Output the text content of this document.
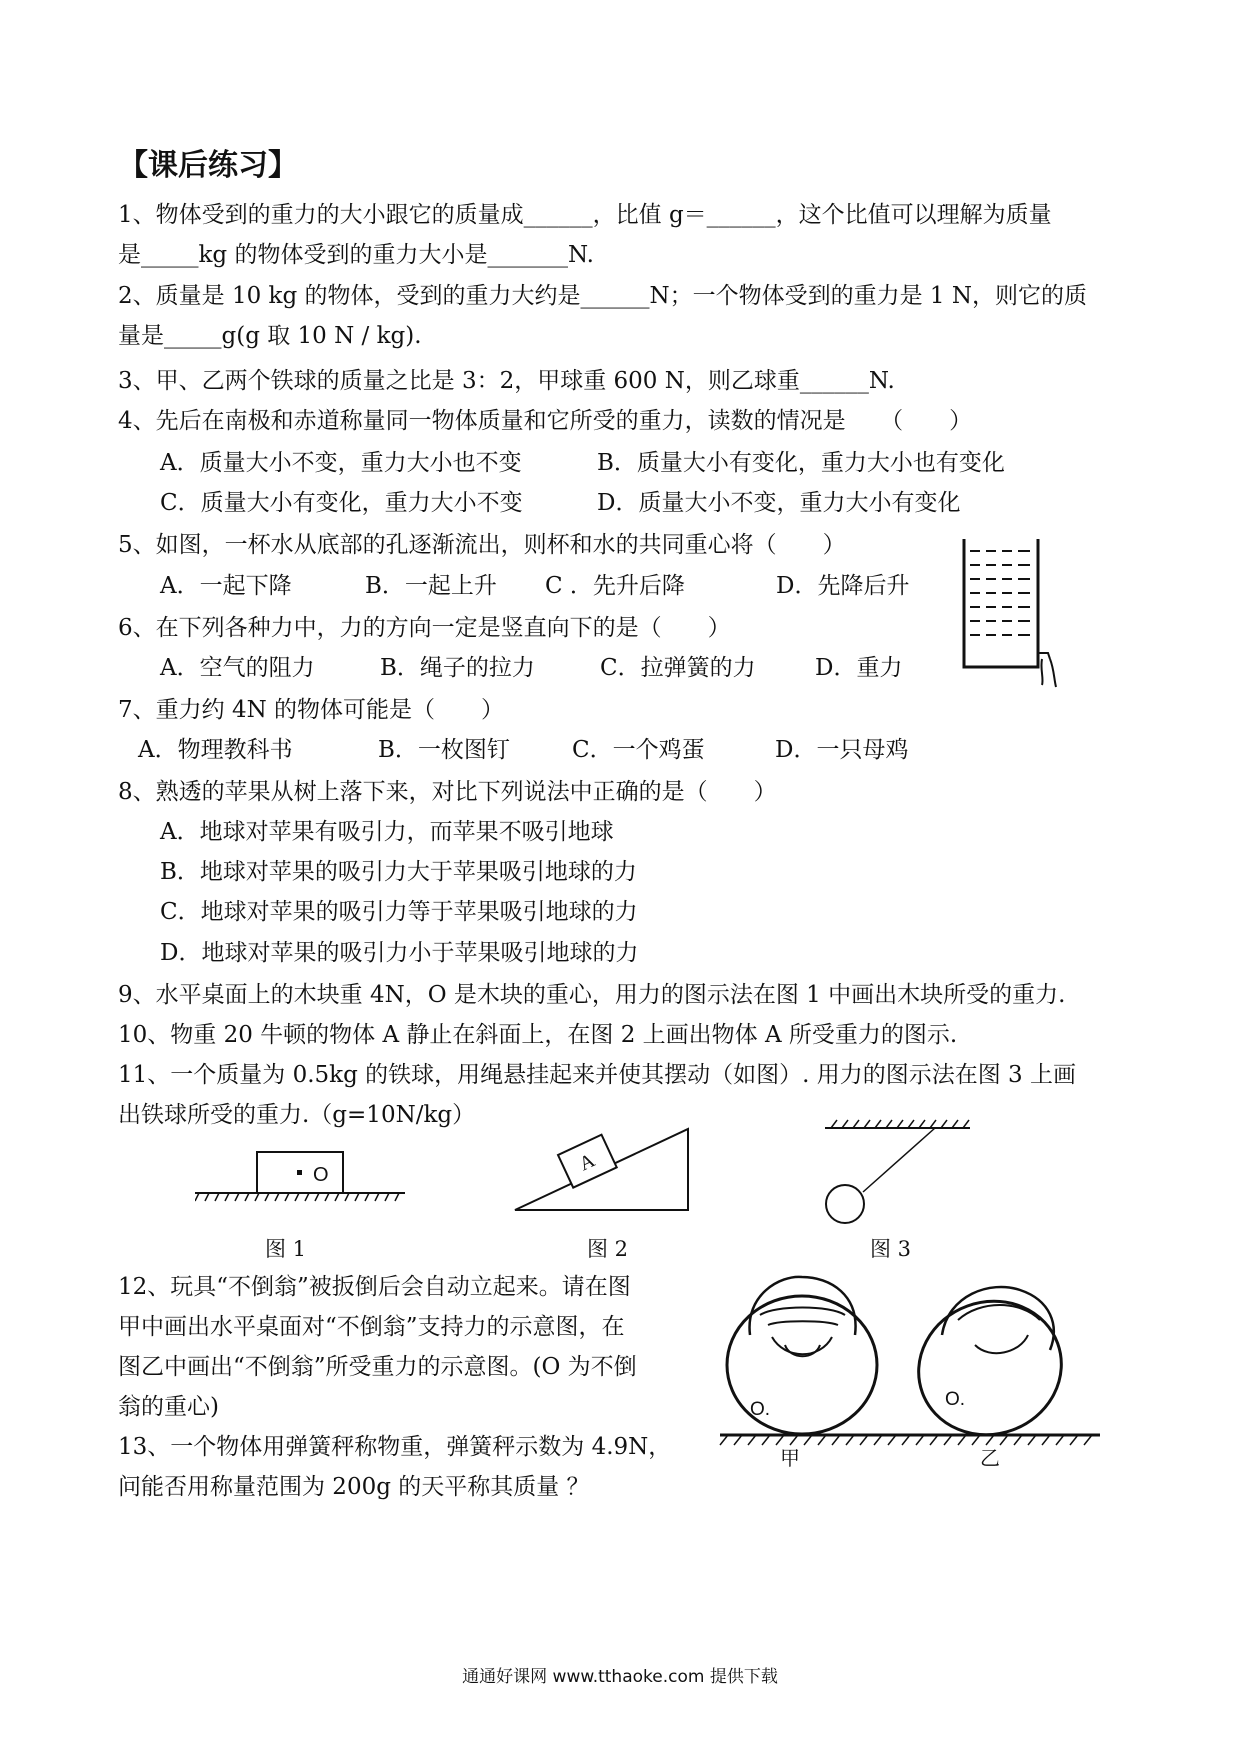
【课后练习】
1、物体受到的重力的大小跟它的质量成______，比值 g＝______，这个比值可以理解为质量
是_____kg 的物体受到的重力大小是_______N.
2、质量是 10 kg 的物体，受到的重力大约是______N；一个物体受到的重力是 1 N，则它的质
量是_____g(g 取 10 N / kg).
3、甲、乙两个铁球的质量之比是 3：2，甲球重 600 N，则乙球重______N.
4、先后在南极和赤道称量同一物体质量和它所受的重力，读数的情况是　　（　　）
A．质量大小不变，重力大小也不变	B．质量大小有变化，重力大小也有变化
C．质量大小有变化，重力大小不变	D．质量大小不变，重力大小有变化
5、如图，一杯水从底部的孔逐渐流出，则杯和水的共同重心将（　　）
A．一起下降	B．一起上升 C ．先升后降	D．先降后升
6、在下列各种力中，力的方向一定是竖直向下的是（　　）
A．空气的阻力	B．绳子的拉力	C．拉弹簧的力	D．重力
7、重力约 4N 的物体可能是（　　）
A．物理教科书	B．一枚图钉	C．一个鸡蛋	D．一只母鸡
8、熟透的苹果从树上落下来，对比下列说法中正确的是（　　）
A．地球对苹果有吸引力，而苹果不吸引地球
B．地球对苹果的吸引力大于苹果吸引地球的力
C．地球对苹果的吸引力等于苹果吸引地球的力
D．地球对苹果的吸引力小于苹果吸引地球的力
9、水平桌面上的木块重 4N，O 是木块的重心，用力的图示法在图 1 中画出木块所受的重力.
10、物重 20 牛顿的物体 A 静止在斜面上，在图 2 上画出物体 A 所受重力的图示.
11、一个质量为 0.5kg 的铁球，用绳悬挂起来并使其摆动（如图）. 用力的图示法在图 3 上画
出铁球所受的重力.（g=10N/kg）
O
图 1
A
图 2	图 3
12、玩具“不倒翁”被扳倒后会自动立起来。请在图
甲中画出水平桌面对“不倒翁”支持力的示意图，在
图乙中画出“不倒翁”所受重力的示意图。(O 为不倒
翁的重心)	O.	O.
甲	乙
13、一个物体用弹簧秤称物重，弹簧秤示数为 4.9N，
问能否用称量范围为 200g 的天平称其质量 ？
通通好课网 www.tthaoke.com 提供下载
